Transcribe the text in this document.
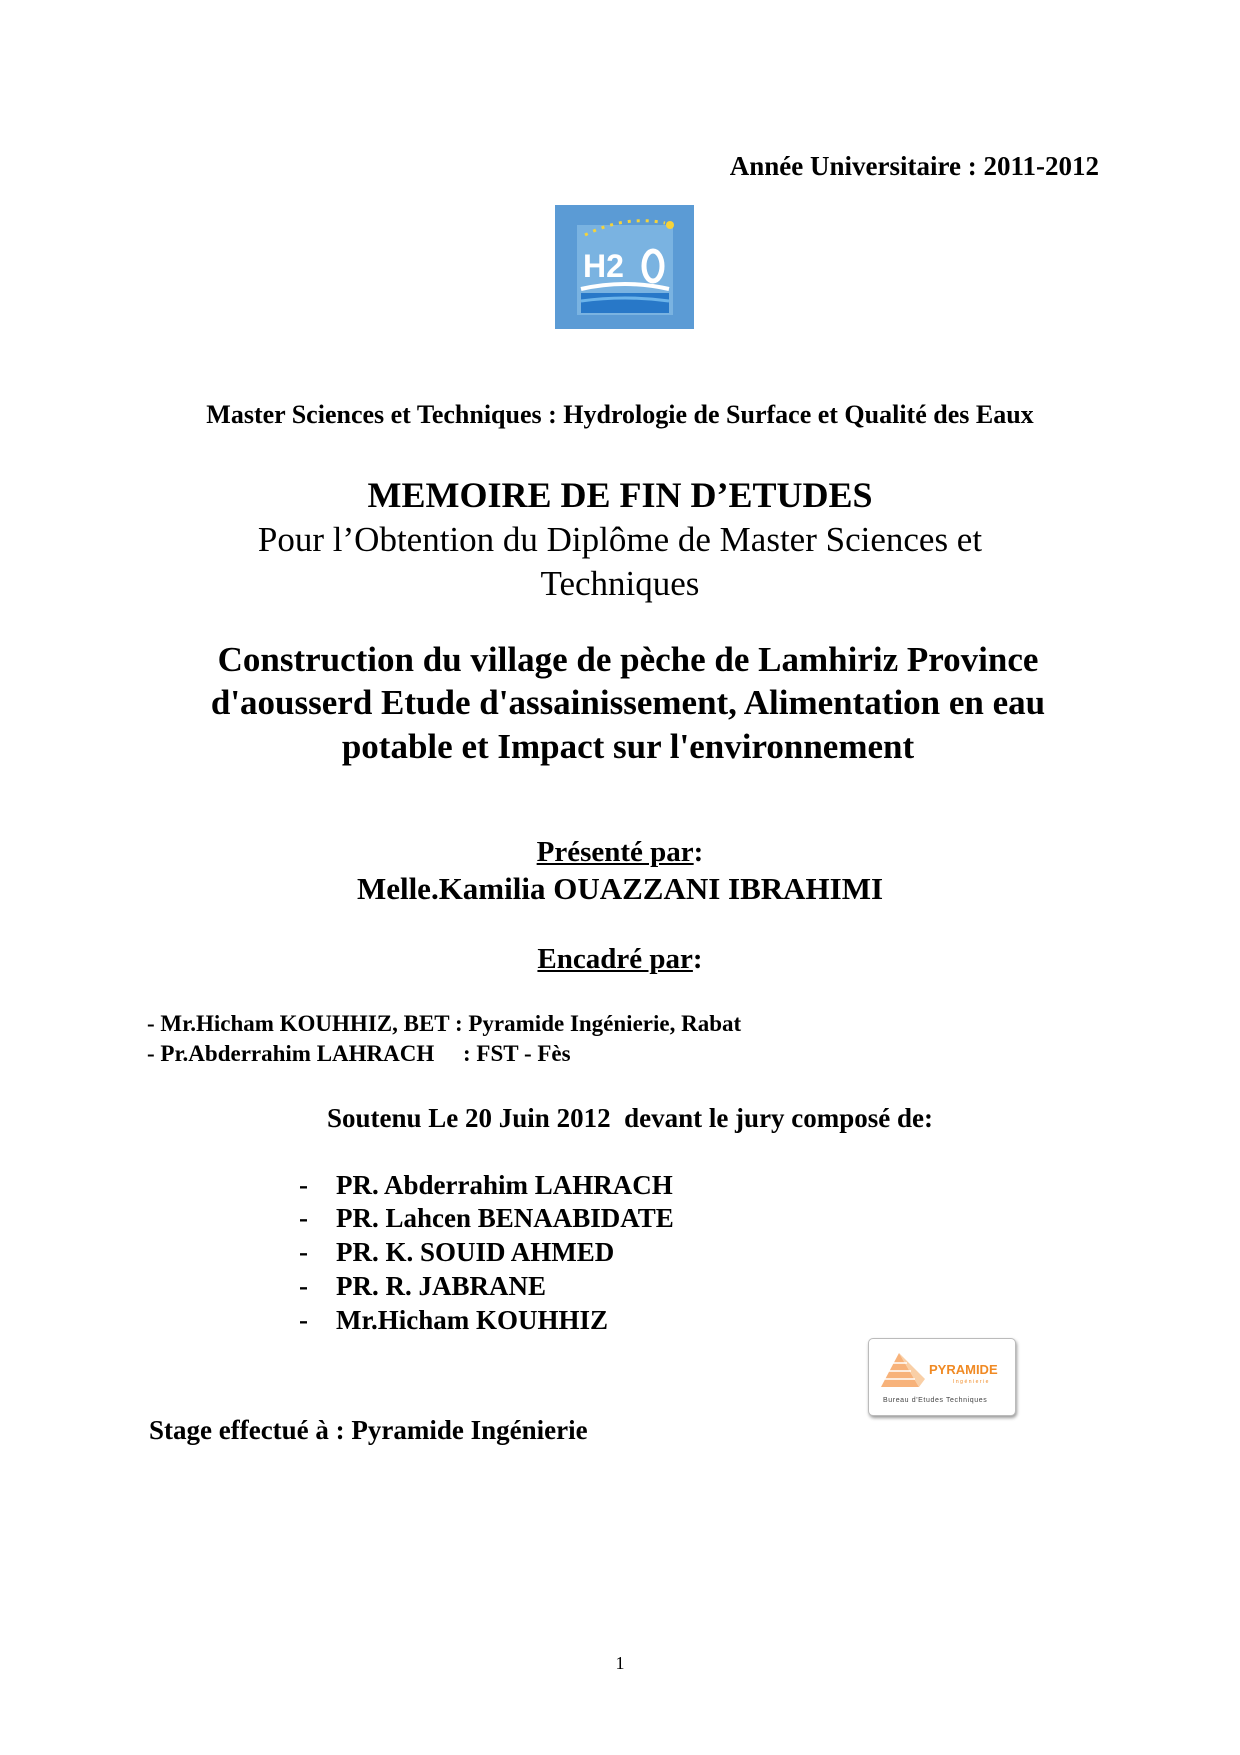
Année Universitaire : 2011-2012
H2
Master Sciences et Techniques : Hydrologie de Surface et Qualité des Eaux
MEMOIRE DE FIN D’ETUDES
Pour l’Obtention du Diplôme de Master Sciences et
Techniques
Construction du village de pèche de Lamhiriz Province
d'aousserd Etude d'assainissement, Alimentation en eau
potable et Impact sur l'environnement
Présenté par:
Melle.Kamilia OUAZZANI IBRAHIMI
Encadré par:
- Mr.Hicham KOUHHIZ, BET : Pyramide Ingénierie, Rabat
- Pr.Abderrahim LAHRACH     : FST - Fès
Soutenu Le 20 Juin 2012  devant le jury composé de:
- PR. Abderrahim LAHRACH
- PR. Lahcen BENAABIDATE
- PR. K. SOUID AHMED
- PR. R. JABRANE
- Mr.Hicham KOUHHIZ
PYRAMIDE
Ingénierie
Bureau d'Etudes Techniques
Stage effectué à : Pyramide Ingénierie
1
